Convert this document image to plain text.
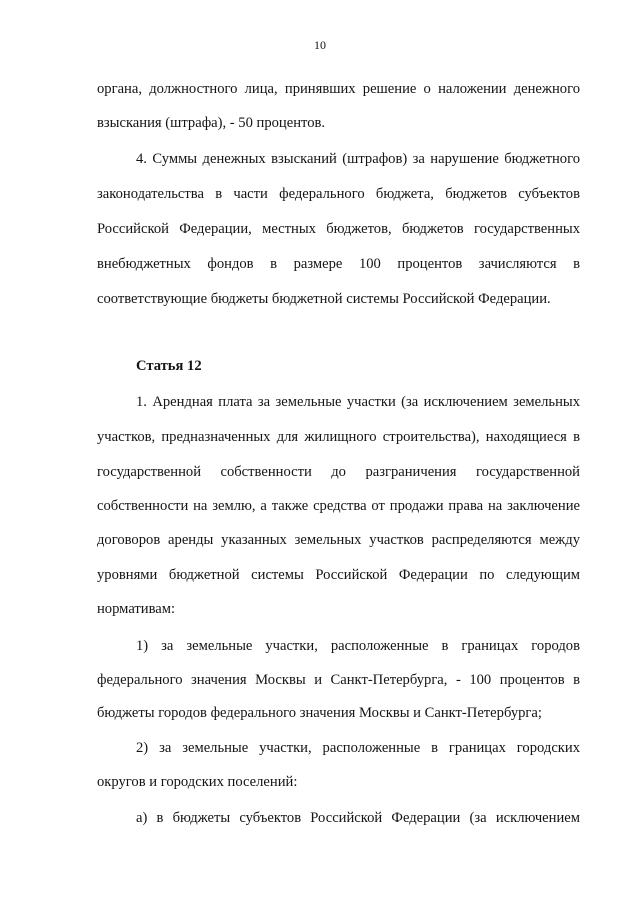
10
органа, должностного лица, принявших решение о наложении денежного
взыскания (штрафа), - 50 процентов.
4. Суммы денежных взысканий (штрафов) за нарушение бюджетного
законодательства в части федерального бюджета, бюджетов субъектов
Российской Федерации, местных бюджетов, бюджетов государственных
внебюджетных фондов в размере 100 процентов зачисляются в
соответствующие бюджеты бюджетной системы Российской Федерации.
Статья 12
1. Арендная плата за земельные участки (за исключением земельных
участков, предназначенных для жилищного строительства), находящиеся в
государственной собственности до разграничения государственной
собственности на землю, а также средства от продажи права на заключение
договоров аренды указанных земельных участков распределяются между
уровнями бюджетной системы Российской Федерации по следующим
нормативам:
1) за земельные участки, расположенные в границах городов
федерального значения Москвы и Санкт-Петербурга, - 100 процентов в
бюджеты городов федерального значения Москвы и Санкт-Петербурга;
2) за земельные участки, расположенные в границах городских
округов и городских поселений:
а) в бюджеты субъектов Российской Федерации (за исключением
